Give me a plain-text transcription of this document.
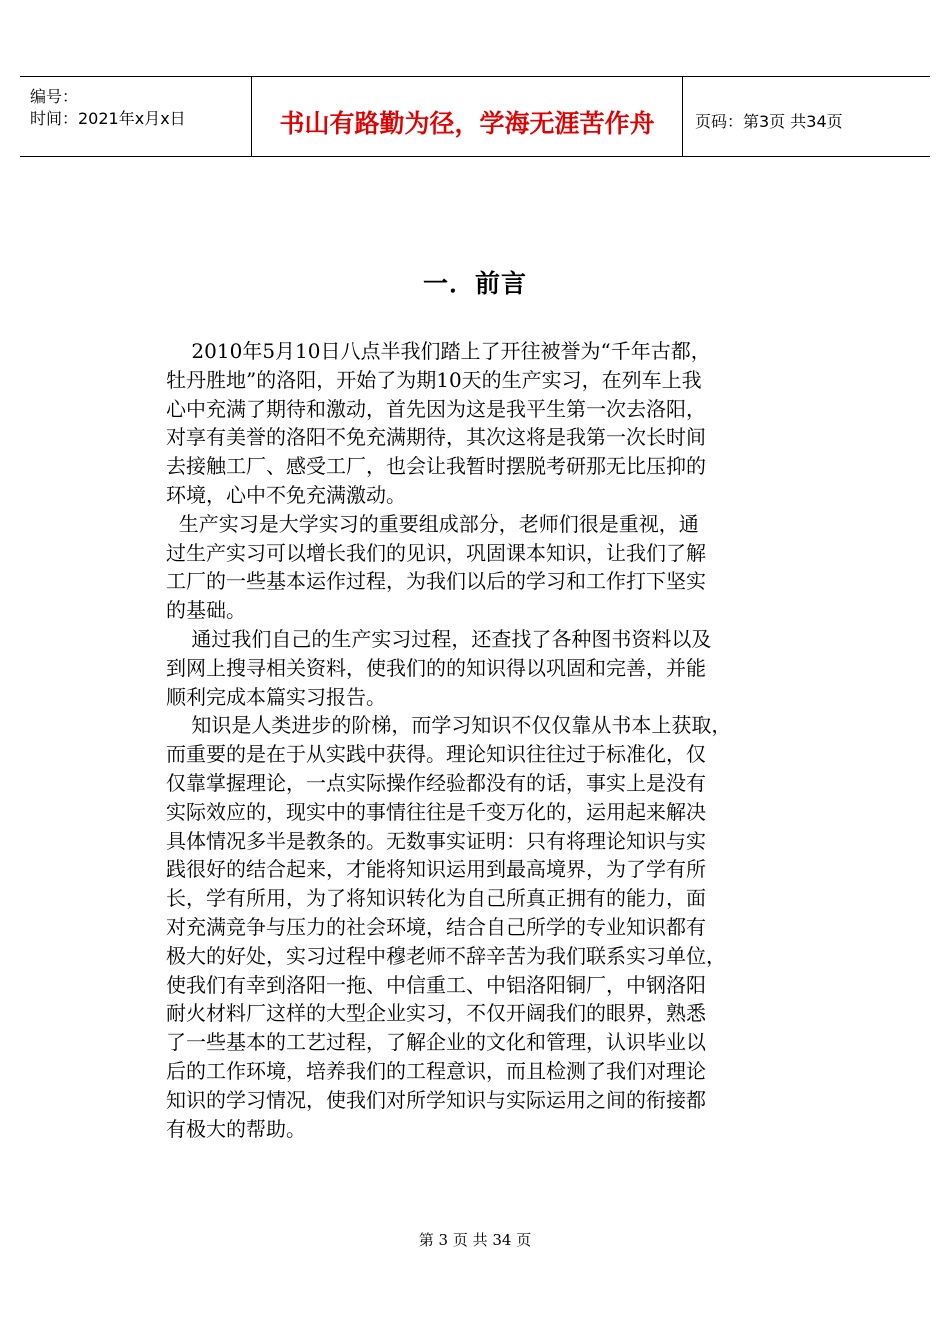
编号：
时间：2021年x月x日	书山有路勤为径，学海无涯苦作舟	页码：第3页 共34页
一．前言
2010年5月10日八点半我们踏上了开往被誉为“千年古都，
牡丹胜地”的洛阳，开始了为期10天的生产实习，在列车上我
心中充满了期待和激动，首先因为这是我平生第一次去洛阳，
对享有美誉的洛阳不免充满期待，其次这将是我第一次长时间
去接触工厂、感受工厂，也会让我暂时摆脱考研那无比压抑的
环境，心中不免充满激动。
生产实习是大学实习的重要组成部分，老师们很是重视，通
过生产实习可以增长我们的见识，巩固课本知识，让我们了解
工厂的一些基本运作过程，为我们以后的学习和工作打下坚实
的基础。
通过我们自己的生产实习过程，还查找了各种图书资料以及
到网上搜寻相关资料，使我们的的知识得以巩固和完善，并能
顺利完成本篇实习报告。
知识是人类进步的阶梯，而学习知识不仅仅靠从书本上获取，
而重要的是在于从实践中获得。理论知识往往过于标准化，仅
仅靠掌握理论，一点实际操作经验都没有的话，事实上是没有
实际效应的，现实中的事情往往是千变万化的，运用起来解决
具体情况多半是教条的。无数事实证明：只有将理论知识与实
践很好的结合起来，才能将知识运用到最高境界，为了学有所
长，学有所用，为了将知识转化为自己所真正拥有的能力，面
对充满竞争与压力的社会环境，结合自己所学的专业知识都有
极大的好处，实习过程中穆老师不辞辛苦为我们联系实习单位，
使我们有幸到洛阳一拖、中信重工、中铝洛阳铜厂，中钢洛阳
耐火材料厂这样的大型企业实习，不仅开阔我们的眼界，熟悉
了一些基本的工艺过程，了解企业的文化和管理，认识毕业以
后的工作环境，培养我们的工程意识，而且检测了我们对理论
知识的学习情况，使我们对所学知识与实际运用之间的衔接都
有极大的帮助。
第 3 页 共 34 页
